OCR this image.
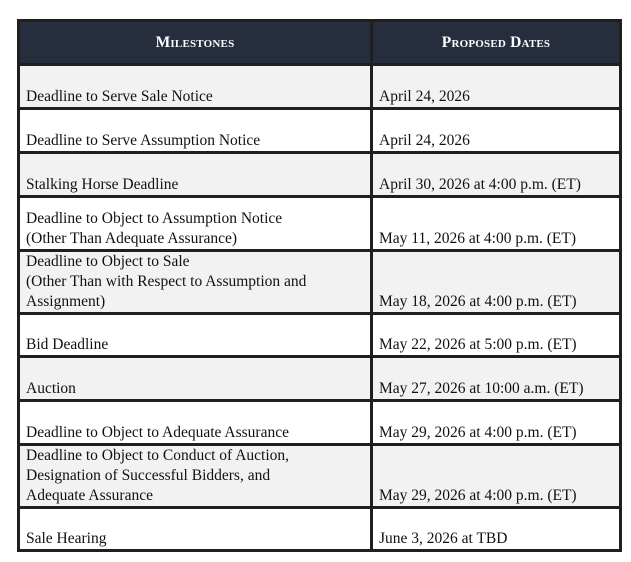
Milestones	Proposed Dates

Deadline to Serve Sale Notice	April 24, 2026

Deadline to Serve Assumption Notice	April 24, 2026

Stalking Horse Deadline	April 30, 2026 at 4:00 p.m. (ET)

Deadline to Object to Assumption Notice
(Other Than Adequate Assurance)	May 11, 2026 at 4:00 p.m. (ET)

Deadline to Object to Sale
(Other Than with Respect to Assumption and
Assignment)	May 18, 2026 at 4:00 p.m. (ET)

Bid Deadline	May 22, 2026 at 5:00 p.m. (ET)

Auction	May 27, 2026 at 10:00 a.m. (ET)

Deadline to Object to Adequate Assurance	May 29, 2026 at 4:00 p.m. (ET)

Deadline to Object to Conduct of Auction,
Designation of Successful Bidders, and
Adequate Assurance	May 29, 2026 at 4:00 p.m. (ET)

Sale Hearing	June 3, 2026 at TBD
